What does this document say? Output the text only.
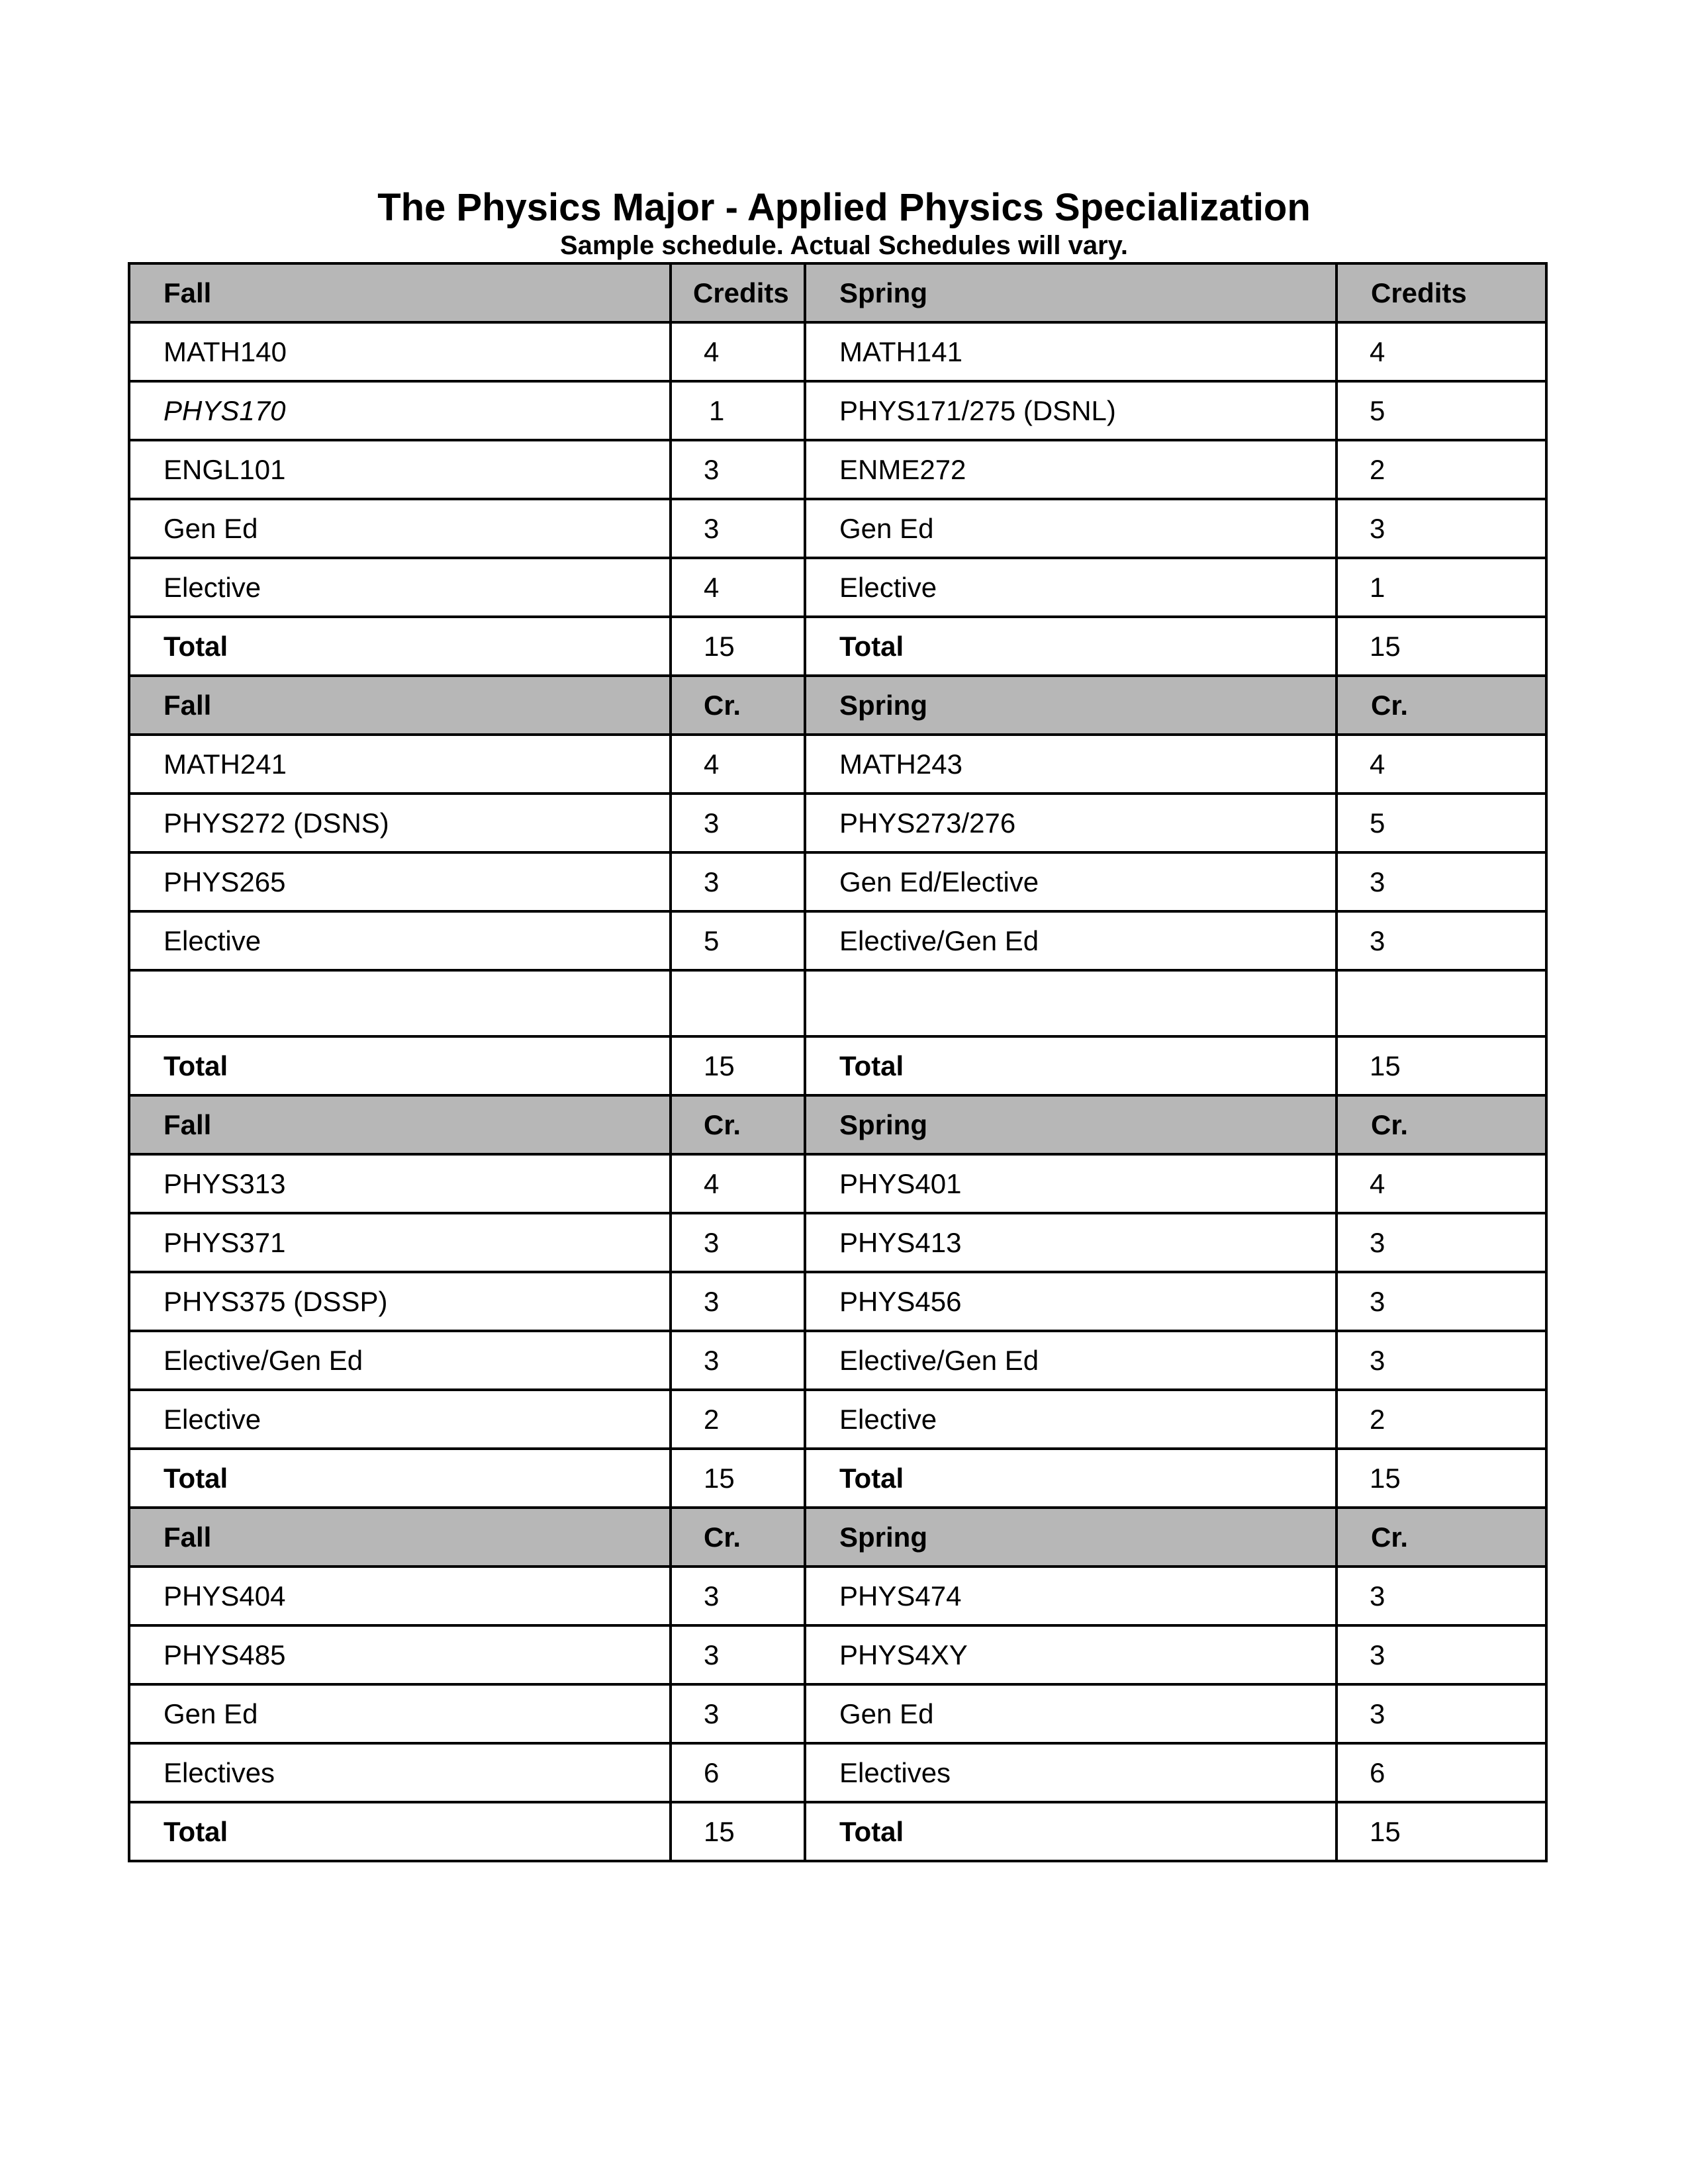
The Physics Major - Applied Physics Specialization
Sample schedule. Actual Schedules will vary.
Fall	Credits	Spring	Credits
MATH140	4	MATH141	4
PHYS170	1	PHYS171/275 (DSNL)	5
ENGL101	3	ENME272	2
Gen Ed	3	Gen Ed	3
Elective	4	Elective	1
Total	15	Total	15
Fall	Cr.	Spring	Cr.
MATH241	4	MATH243	4
PHYS272 (DSNS)	3	PHYS273/276	5
PHYS265	3	Gen Ed/Elective	3
Elective	5	Elective/Gen Ed	3

Total	15	Total	15
Fall	Cr.	Spring	Cr.
PHYS313	4	PHYS401	4
PHYS371	3	PHYS413	3
PHYS375 (DSSP)	3	PHYS456	3
Elective/Gen Ed	3	Elective/Gen Ed	3
Elective	2	Elective	2
Total	15	Total	15
Fall	Cr.	Spring	Cr.
PHYS404	3	PHYS474	3
PHYS485	3	PHYS4XY	3
Gen Ed	3	Gen Ed	3
Electives	6	Electives	6
Total	15	Total	15
